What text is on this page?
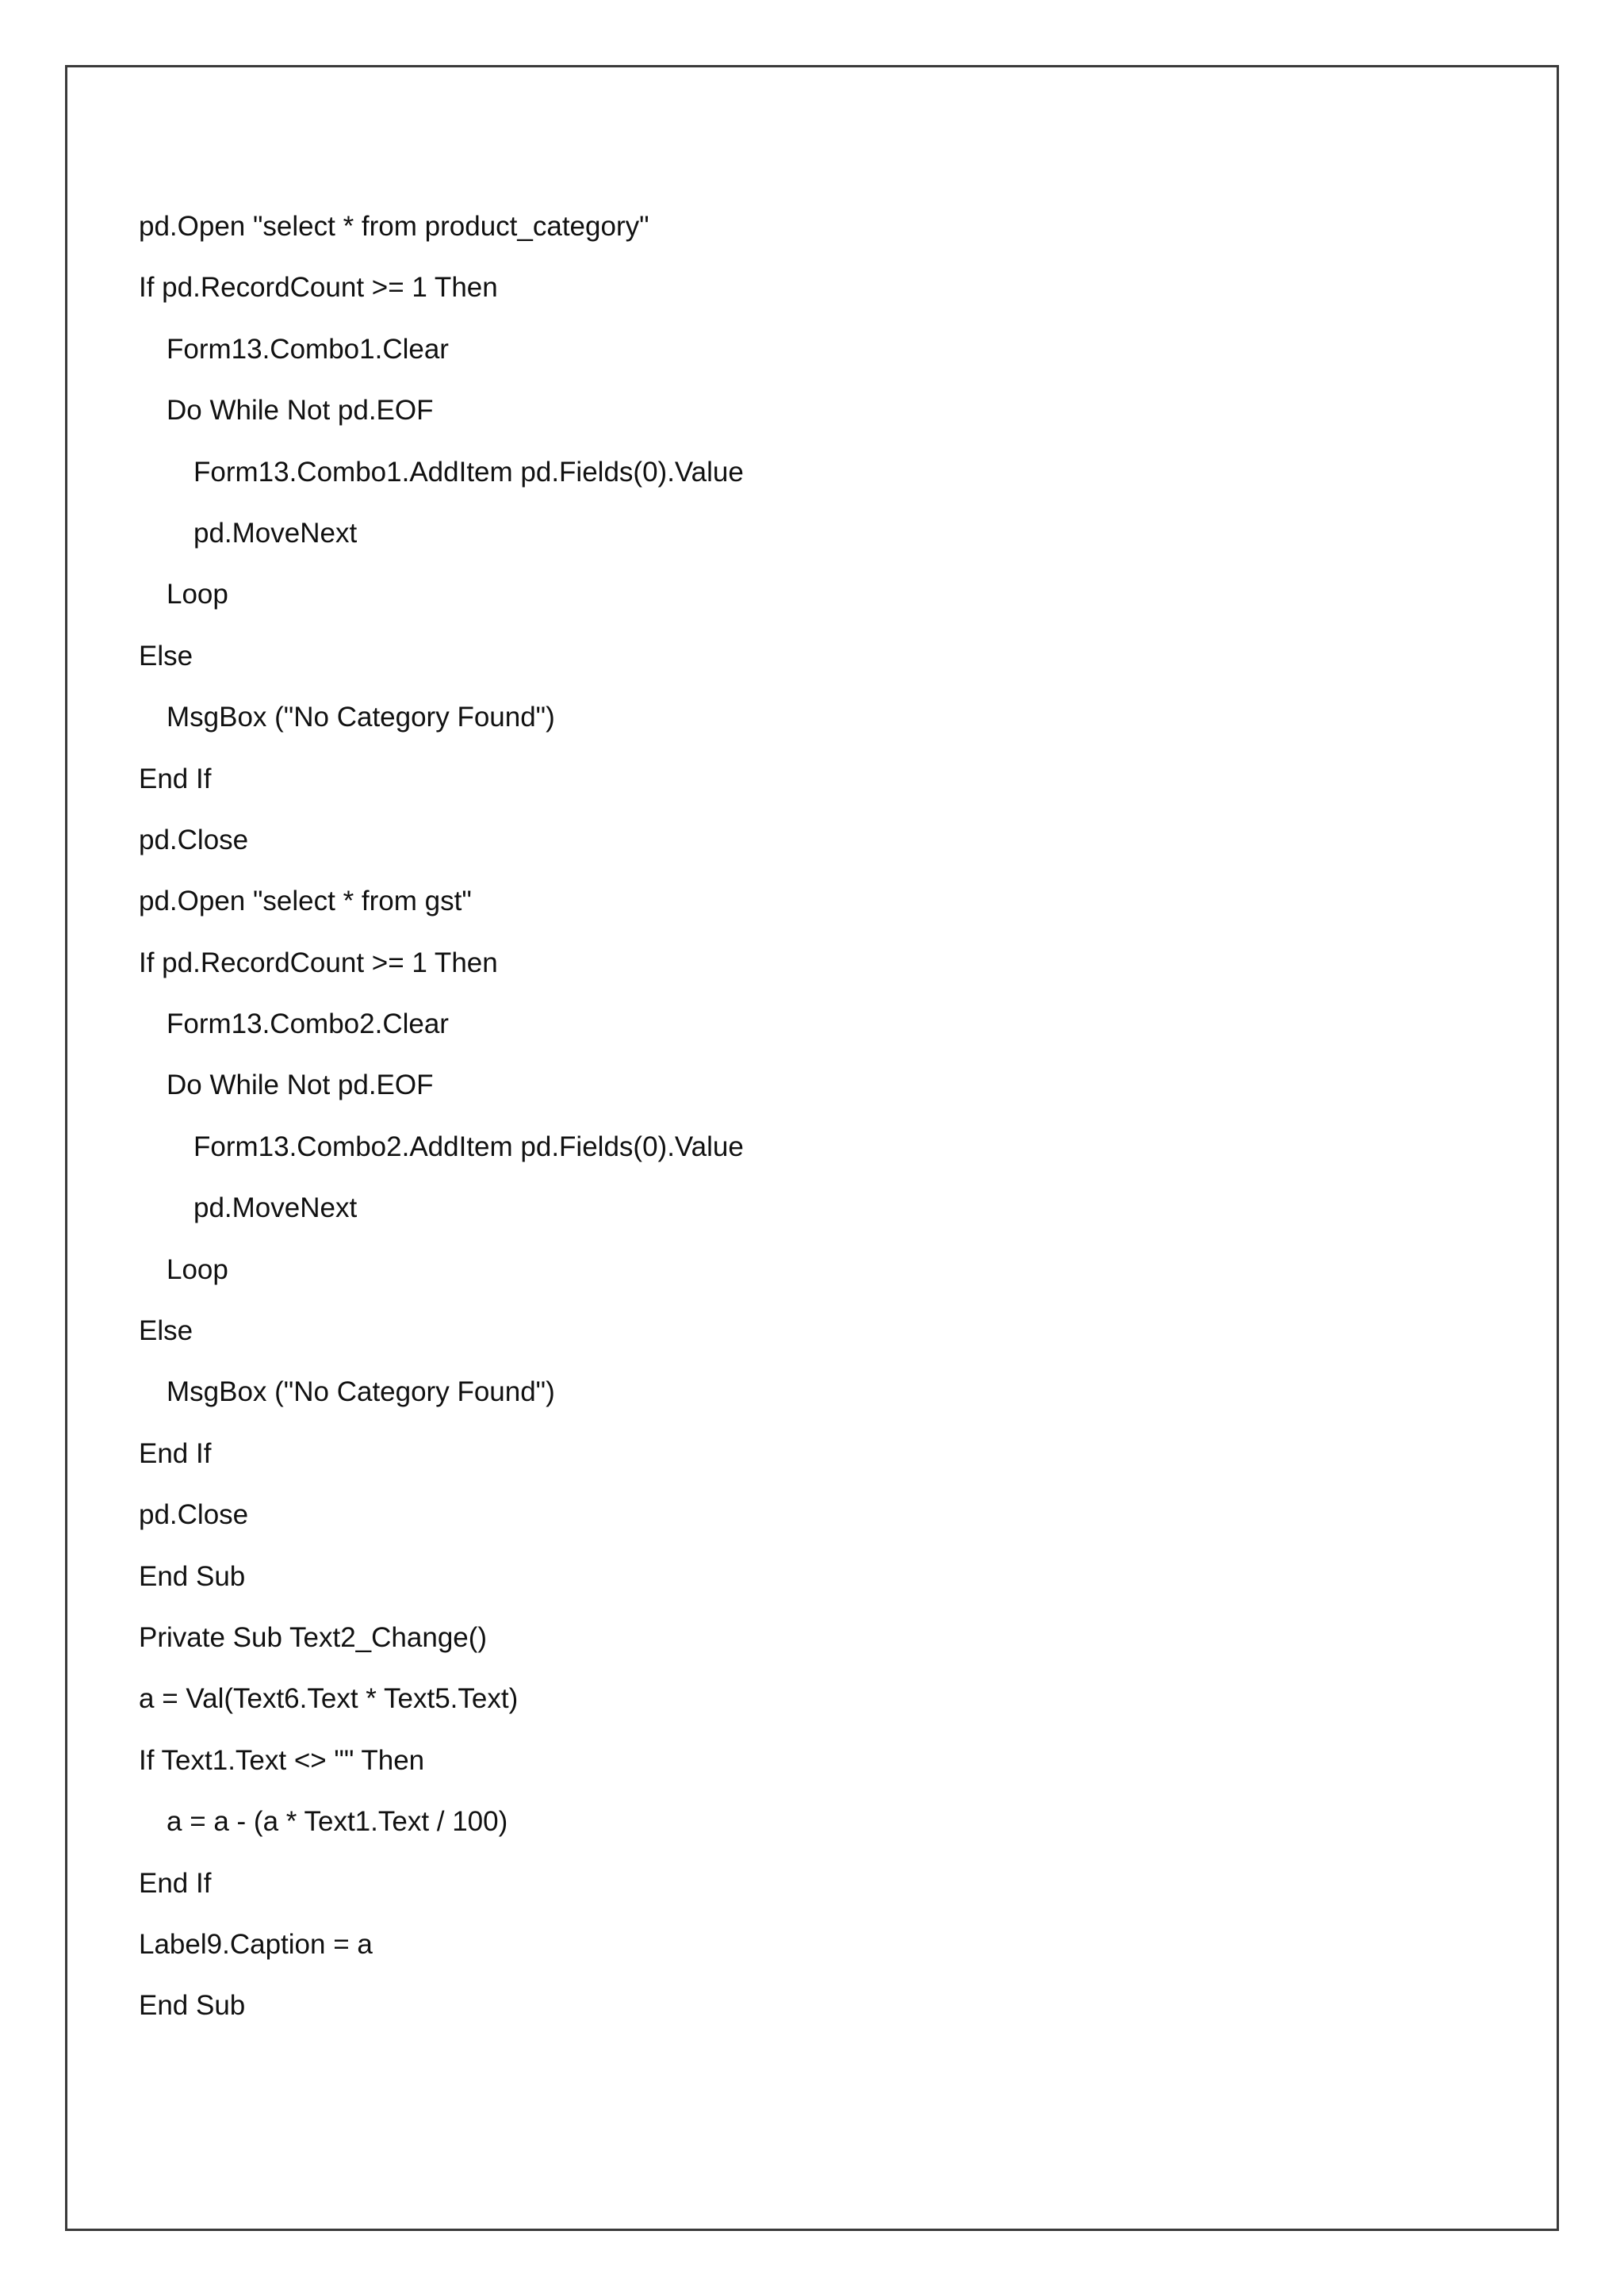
pd.Open "select * from product_category"
If pd.RecordCount >= 1 Then
Form13.Combo1.Clear
Do While Not pd.EOF
Form13.Combo1.AddItem pd.Fields(0).Value
pd.MoveNext
Loop
Else
MsgBox ("No Category Found")
End If
pd.Close
pd.Open "select * from gst"
If pd.RecordCount >= 1 Then
Form13.Combo2.Clear
Do While Not pd.EOF
Form13.Combo2.AddItem pd.Fields(0).Value
pd.MoveNext
Loop
Else
MsgBox ("No Category Found")
End If
pd.Close
End Sub
Private Sub Text2_Change()
a = Val(Text6.Text * Text5.Text)
If Text1.Text <> "" Then
a = a - (a * Text1.Text / 100)
End If
Label9.Caption = a
End Sub
